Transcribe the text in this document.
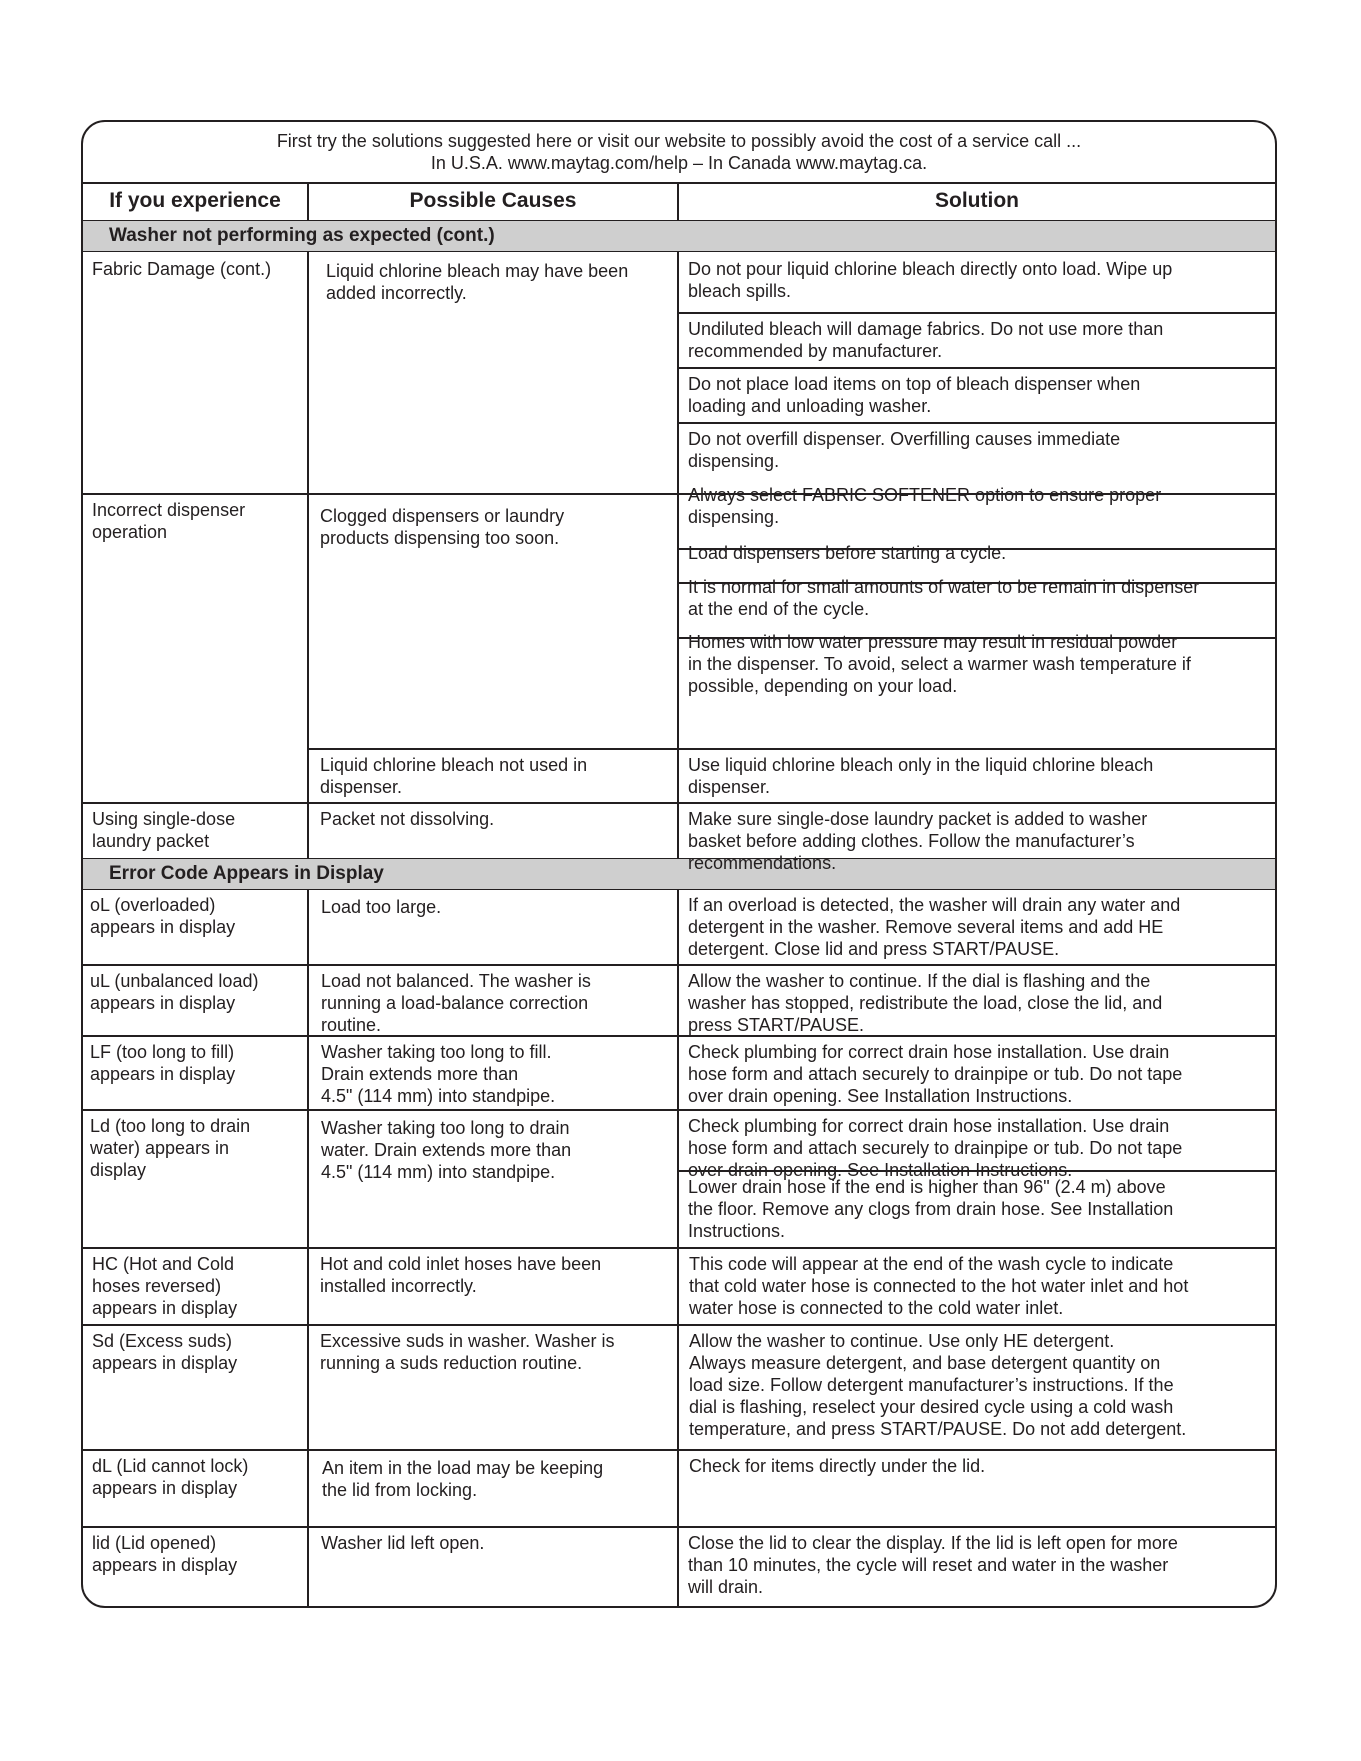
First try the solutions suggested here or visit our website to possibly avoid the cost of a service call ...
In U.S.A. www.maytag.com/help – In Canada www.maytag.ca.
If you experience	Possible Causes	Solution
Washer not performing as expected (cont.)
Error Code Appears in Display
Fabric Damage (cont.)
Incorrect dispenser
operation
Using single-dose
laundry packet
oL (overloaded)
appears in display
uL (unbalanced load)
appears in display
LF (too long to fill)
appears in display
Ld (too long to drain
water) appears in
display
HC (Hot and Cold
hoses reversed)
appears in display
Sd (Excess suds)
appears in display
dL (Lid cannot lock)
appears in display
lid (Lid opened)
appears in display
Liquid chlorine bleach may have been
added incorrectly.
Clogged dispensers or laundry
products dispensing too soon.
Liquid chlorine bleach not used in
dispenser.
Packet not dissolving.
Load too large.
Load not balanced. The washer is
running a load-balance correction
routine.
Washer taking too long to fill.
Drain extends more than
4.5" (114 mm) into standpipe.
Washer taking too long to drain
water. Drain extends more than
4.5" (114 mm) into standpipe.
Hot and cold inlet hoses have been
installed incorrectly.
Excessive suds in washer. Washer is
running a suds reduction routine.
An item in the load may be keeping
the lid from locking.
Washer lid left open.
Do not pour liquid chlorine bleach directly onto load. Wipe up
bleach spills.
Undiluted bleach will damage fabrics. Do not use more than
recommended by manufacturer.
Do not place load items on top of bleach dispenser when
loading and unloading washer.
Do not overfill dispenser. Overfilling causes immediate
dispensing.
Always select FABRIC SOFTENER option to ensure proper
dispensing.
Load dispensers before starting a cycle.
It is normal for small amounts of water to be remain in dispenser
at the end of the cycle.
Homes with low water pressure may result in residual powder
in the dispenser. To avoid, select a warmer wash temperature if
possible, depending on your load.
Use liquid chlorine bleach only in the liquid chlorine bleach
dispenser.
Make sure single-dose laundry packet is added to washer
basket before adding clothes. Follow the manufacturer’s
recommendations.
If an overload is detected, the washer will drain any water and
detergent in the washer. Remove several items and add HE
detergent. Close lid and press START/PAUSE.
Allow the washer to continue. If the dial is flashing and the
washer has stopped, redistribute the load, close the lid, and
press START/PAUSE.
Check plumbing for correct drain hose installation. Use drain
hose form and attach securely to drainpipe or tub. Do not tape
over drain opening. See Installation Instructions.
Check plumbing for correct drain hose installation. Use drain
hose form and attach securely to drainpipe or tub. Do not tape
over drain opening. See Installation Instructions.
Lower drain hose if the end is higher than 96" (2.4 m) above
the floor. Remove any clogs from drain hose. See Installation
Instructions.
This code will appear at the end of the wash cycle to indicate
that cold water hose is connected to the hot water inlet and hot
water hose is connected to the cold water inlet.
Allow the washer to continue. Use only HE detergent.
Always measure detergent, and base detergent quantity on
load size. Follow detergent manufacturer’s instructions. If the
dial is flashing, reselect your desired cycle using a cold wash
temperature, and press START/PAUSE. Do not add detergent.
Check for items directly under the lid.
Close the lid to clear the display. If the lid is left open for more
than 10 minutes, the cycle will reset and water in the washer
will drain.
